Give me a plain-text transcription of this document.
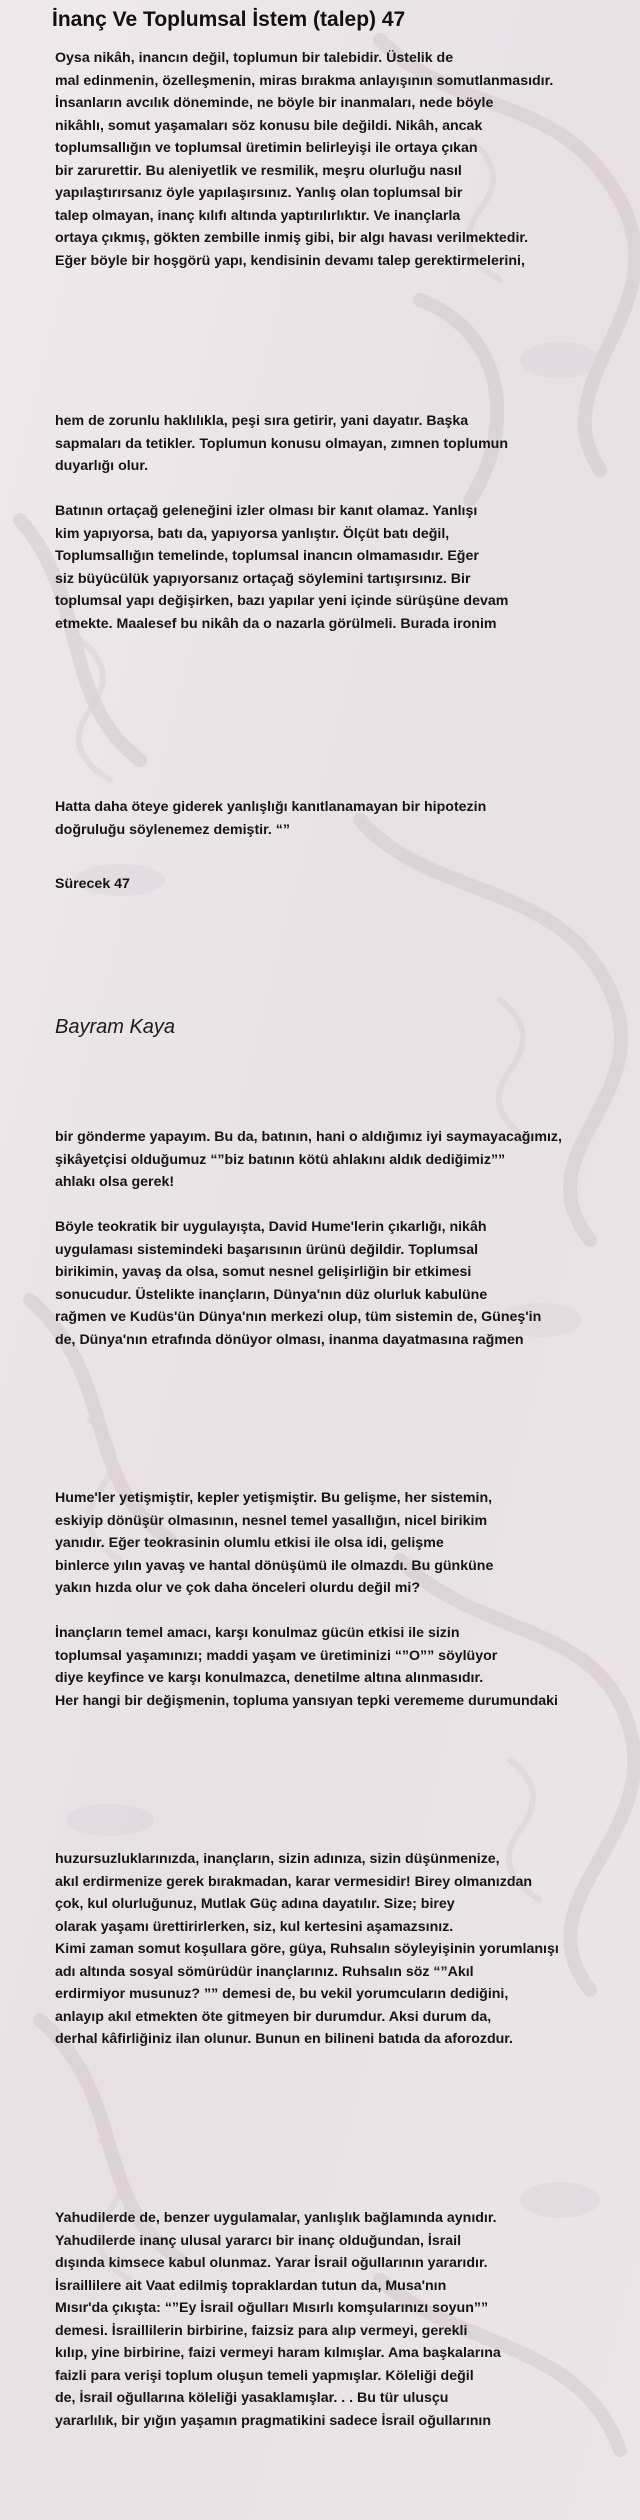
İnanç Ve Toplumsal İstem (talep) 47
Oysa nikâh, inancın değil, toplumun bir talebidir. Üstelik de
mal edinmenin, özelleşmenin, miras bırakma anlayışının somutlanmasıdır.
İnsanların avcılık döneminde, ne böyle bir inanmaları, nede böyle
nikâhlı, somut yaşamaları söz konusu bile değildi. Nikâh, ancak
toplumsallığın ve toplumsal üretimin belirleyişi ile ortaya çıkan
bir zarurettir. Bu aleniyetlik ve resmilik, meşru olurluğu nasıl
yapılaştırırsanız öyle yapılaşırsınız. Yanlış olan toplumsal bir
talep olmayan, inanç kılıfı altında yaptırılırlıktır. Ve inançlarla
ortaya çıkmış, gökten zembille inmiş gibi, bir algı havası verilmektedir.
Eğer böyle bir hoşgörü yapı, kendisinin devamı talep gerektirmelerini,
hem de zorunlu haklılıkla, peşi sıra getirir, yani dayatır. Başka
sapmaları da tetikler. Toplumun konusu olmayan, zımnen toplumun
duyarlığı olur.
Batının ortaçağ geleneğini izler olması bir kanıt olamaz. Yanlışı
kim yapıyorsa, batı da, yapıyorsa yanlıştır. Ölçüt batı değil,
Toplumsallığın temelinde, toplumsal inancın olmamasıdır. Eğer
siz büyücülük yapıyorsanız ortaçağ söylemini tartışırsınız. Bir
toplumsal yapı değişirken, bazı yapılar yeni içinde sürüşüne devam
etmekte. Maalesef bu nikâh da o nazarla görülmeli. Burada ironim
Hatta daha öteye giderek yanlışlığı kanıtlanamayan bir hipotezin
doğruluğu söylenemez demiştir. “”
Sürecek 47
Bayram Kaya
bir gönderme yapayım. Bu da, batının, hani o aldığımız iyi saymayacağımız,
şikâyetçisi olduğumuz “”biz batının kötü ahlakını aldık dediğimiz””
ahlakı olsa gerek!
Böyle teokratik bir uygulayışta, David Hume'lerin çıkarlığı, nikâh
uygulaması sistemindeki başarısının ürünü değildir. Toplumsal
birikimin, yavaş da olsa, somut nesnel gelişirliğin bir etkimesi
sonucudur. Üstelikte inançların, Dünya'nın düz olurluk kabulüne
rağmen ve Kudüs'ün Dünya'nın merkezi olup, tüm sistemin de, Güneş'in
de, Dünya'nın etrafında dönüyor olması, inanma dayatmasına rağmen
Hume'ler yetişmiştir, kepler yetişmiştir. Bu gelişme, her sistemin,
eskiyip dönüşür olmasının, nesnel temel yasallığın, nicel birikim
yanıdır. Eğer teokrasinin olumlu etkisi ile olsa idi, gelişme
binlerce yılın yavaş ve hantal dönüşümü ile olmazdı. Bu günküne
yakın hızda olur ve çok daha önceleri olurdu değil mi?
İnançların temel amacı, karşı konulmaz gücün etkisi ile sizin
toplumsal yaşamınızı; maddi yaşam ve üretiminizi “”O”” söylüyor
diye keyfince ve karşı konulmazca, denetilme altına alınmasıdır.
Her hangi bir değişmenin, topluma yansıyan tepki verememe durumundaki
huzursuzluklarınızda, inançların, sizin adınıza, sizin düşünmenize,
akıl erdirmenize gerek bırakmadan, karar vermesidir! Birey olmanızdan
çok, kul olurluğunuz, Mutlak Güç adına dayatılır. Size; birey
olarak yaşamı ürettirirlerken, siz, kul kertesini aşamazsınız.
Kimi zaman somut koşullara göre, güya, Ruhsalın söyleyişinin yorumlanışı
adı altında sosyal sömürüdür inançlarınız. Ruhsalın söz “”Akıl
erdirmiyor musunuz? ”” demesi de, bu vekil yorumcuların dediğini,
anlayıp akıl etmekten öte gitmeyen bir durumdur. Aksi durum da,
derhal kâfirliğiniz ilan olunur. Bunun en bilineni batıda da aforozdur.
Yahudilerde de, benzer uygulamalar, yanlışlık bağlamında aynıdır.
Yahudilerde inanç ulusal yararcı bir inanç olduğundan, İsrail
dışında kimsece kabul olunmaz. Yarar İsrail oğullarının yararıdır.
İsraillilere ait Vaat edilmiş topraklardan tutun da, Musa'nın
Mısır'da çıkışta: “”Ey İsrail oğulları Mısırlı komşularınızı soyun””
demesi. İsraillilerin birbirine, faizsiz para alıp vermeyi, gerekli
kılıp, yine birbirine, faizi vermeyi haram kılmışlar. Ama başkalarına
faizli para verişi toplum oluşun temeli yapmışlar. Köleliği değil
de, İsrail oğullarına köleliği yasaklamışlar. . . Bu tür ulusçu
yararlılık, bir yığın yaşamın pragmatikini sadece İsrail oğullarının
